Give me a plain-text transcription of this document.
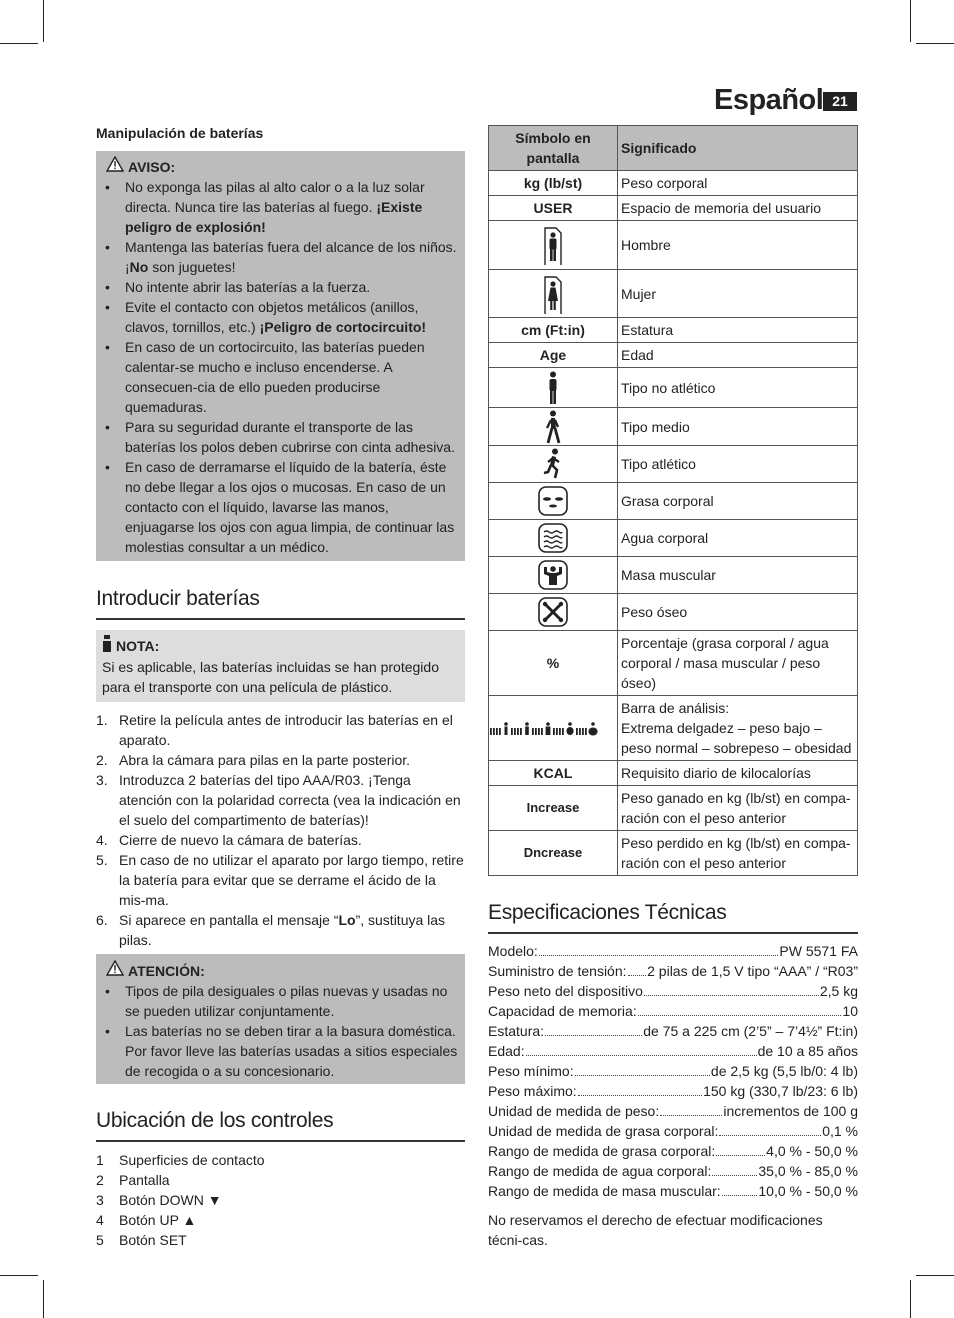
Español 21
Manipulación de baterías
AVISO:
• No exponga las pilas al alto calor o a la luz solar directa. Nunca tire las baterías al fuego. ¡Existe peligro de explosión!
• Mantenga las baterías fuera del alcance de los niños. ¡No son juguetes!
• No intente abrir las baterías a la fuerza.
• Evite el contacto con objetos metálicos (anillos, clavos, tornillos, etc.) ¡Peligro de cortocircuito!
• En caso de un cortocircuito, las baterías pueden calentar-se mucho e incluso encenderse. A consecuen-cia de ello pueden producirse quemaduras.
• Para su seguridad durante el transporte de las baterías los polos deben cubrirse con cinta adhesiva.
• En caso de derramarse el líquido de la batería, éste no debe llegar a los ojos o mucosas. En caso de un contacto con el líquido, lavarse las manos, enjuagarse los ojos con agua limpia, de continuar las molestias consultar a un médico.
Introducir baterías
NOTA:
Si es aplicable, las baterías incluidas se han protegido para el transporte con una película de plástico.
1. Retire la película antes de introducir las baterías en el aparato.
2. Abra la cámara para pilas en la parte posterior.
3. Introduzca 2 baterías del tipo AAA/R03. ¡Tenga atención con la polaridad correcta (vea la indicación en el suelo del compartimento de baterías)!
4. Cierre de nuevo la cámara de baterías.
5. En caso de no utilizar el aparato por largo tiempo, retire la batería para evitar que se derrame el ácido de la mis-ma.
6. Si aparece en pantalla el mensaje “Lo”, sustituya las pilas.
ATENCIÓN:
• Tipos de pila desiguales o pilas nuevas y usadas no se pueden utilizar conjuntamente.
• Las baterías no se deben tirar a la basura doméstica. Por favor lleve las baterías usadas a sitios especiales de recogida o a su concesionario.
Ubicación de los controles
1	Superficies de contacto
2	Pantalla
3	Botón DOWN ▼
4	Botón UP ▲
5	Botón SET
Símbolo en pantalla	Significado
kg (lb/st)	Peso corporal
USER	Espacio de memoria del usuario
	Hombre
	Mujer
cm (Ft:in)	Estatura
Age	Edad
	Tipo no atlético
	Tipo medio
	Tipo atlético
	Grasa corporal
	Agua corporal
	Masa muscular
	Peso óseo
%	Porcentaje (grasa corporal / agua corporal / masa muscular / peso óseo)
	Barra de análisis:
Extrema delgadez – peso bajo – peso normal – sobrepeso – obesidad
KCAL	Requisito diario de kilocalorías
Increase	Peso ganado en kg (lb/st) en compa-ración con el peso anterior
Dncrease	Peso perdido en kg (lb/st) en compa-ración con el peso anterior
Especificaciones Técnicas
Modelo:	PW 5571 FA
Suministro de tensión: 2 pilas de 1,5 V tipo “AAA” / “R03”
Peso neto del dispositivo	2,5 kg
Capacidad de memoria:	10
Estatura:	de 75 a 225 cm (2’5” – 7’4½” Ft:in)
Edad:	de 10 a 85 años
Peso mínimo:	de 2,5 kg (5,5 lb/0: 4 lb)
Peso máximo:	150 kg (330,7 lb/23: 6 lb)
Unidad de medida de peso:	incrementos de 100 g
Unidad de medida de grasa corporal:	0,1 %
Rango de medida de grasa corporal:	4,0 % - 50,0 %
Rango de medida de agua corporal:	35,0 % - 85,0 %
Rango de medida de masa muscular:	10,0 % - 50,0 %
No reservamos el derecho de efectuar modificaciones técni-cas.
